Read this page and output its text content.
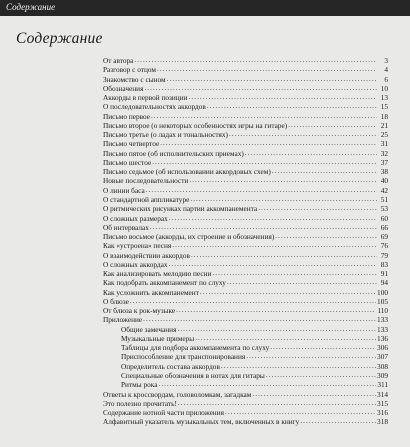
Содержание
Содержание
От автора .....	3
Разговор с отцом .....	4
Знакомство с сыном .....	6
Обозначения .....	10
Аккорды в первой позиции .....	13
О последовательностях аккордов .....	15
Письмо первое .....	18
Письмо второе (о некоторых особенностях игры на гитаре) .....	21
Письмо третье (о ладах и тональностях) .....	25
Письмо четвертое .....	31
Письмо пятое (об исполнительских приемах) .....	32
Письмо шестое .....	37
Письмо седьмое (об использовании аккордовых схем) .....	38
Новые последовательности .....	40
О линии баса .....	42
О стандартной аппликатуре .....	51
О ритмических рисунках партии аккомпанемента .....	53
О сложных размерах .....	60
Об интервалах .....	66
Письмо восьмое (аккорды, их строение и обозначения) .....	69
Как «устроена» песня .....	76
О взаимодействии аккордов .....	79
О сложных аккордах .....	83
Как анализировать мелодию песни .....	91
Как подобрать аккомпанемент по слуху .....	94
Как усложнить аккомпанемент .....	100
О блюзе .....	105
От блюза к рок-музыке .....	110
Приложение .....	133
Общие замечания .....	133
Музыкальные примеры .....	136
Таблицы для подбора аккомпанемента по слуху .....	306
Приспособление для транспонирования .....	307
Определитель состава аккордов .....	308
Специальные обозначения в нотах для гитары .....	309
Ритмы рока .....	311
Ответы к кроссвордам, головоломкам, загадкам .....	314
Это полезно прочитать! .....	315
Содержание нотной части приложения .....	316
Алфавитный указатель музыкальных тем, включенных в книгу .....	318
